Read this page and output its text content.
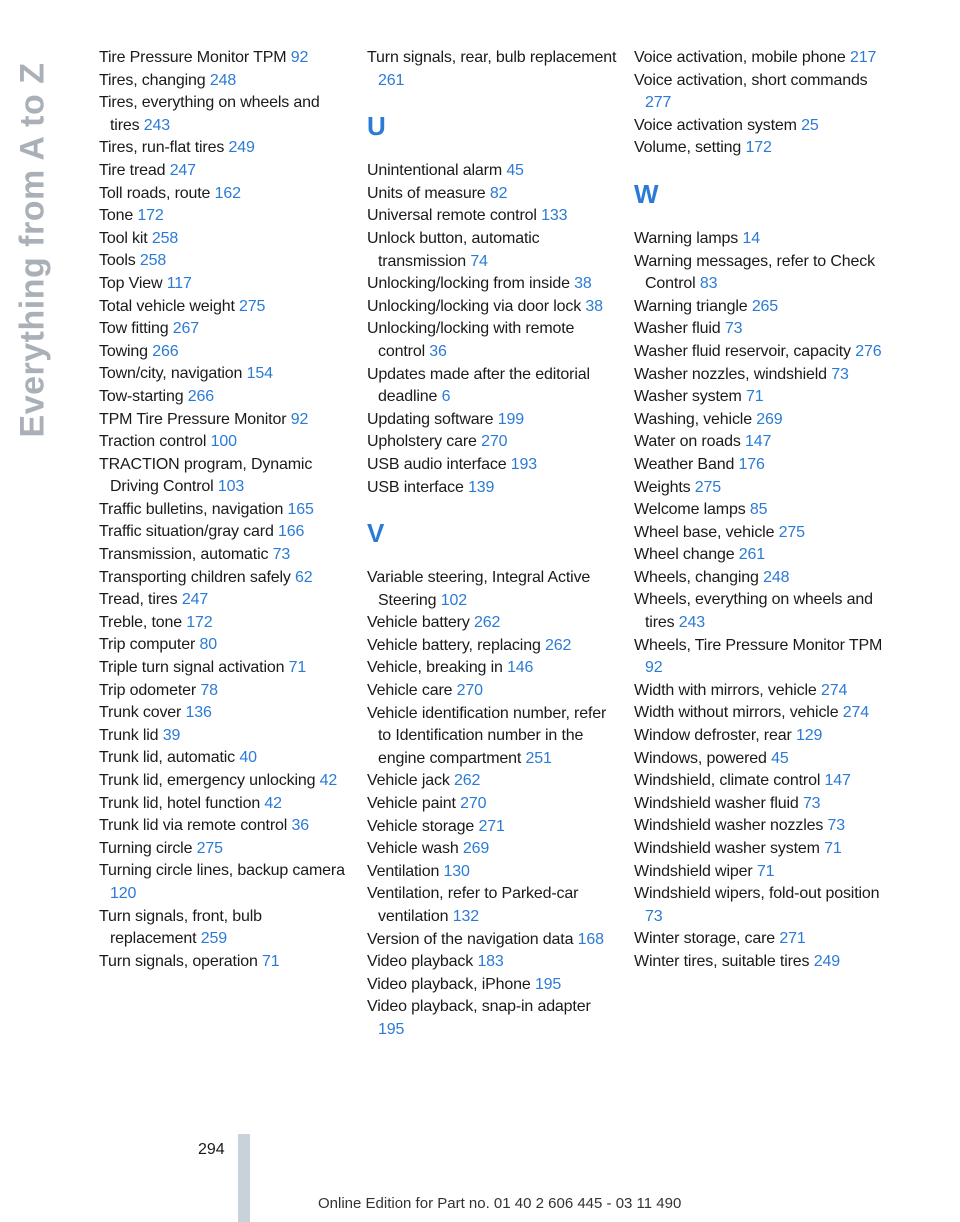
Everything from A to Z
Tire Pressure Monitor TPM 92
Tires, changing 248
Tires, everything on wheels and tires 243
Tires, run-flat tires 249
Tire tread 247
Toll roads, route 162
Tone 172
Tool kit 258
Tools 258
Top View 117
Total vehicle weight 275
Tow fitting 267
Towing 266
Town/city, navigation 154
Tow-starting 266
TPM Tire Pressure Monitor 92
Traction control 100
TRACTION program, Dynamic Driving Control 103
Traffic bulletins, navigation 165
Traffic situation/gray card 166
Transmission, automatic 73
Transporting children safely 62
Tread, tires 247
Treble, tone 172
Trip computer 80
Triple turn signal activation 71
Trip odometer 78
Trunk cover 136
Trunk lid 39
Trunk lid, automatic 40
Trunk lid, emergency unlocking 42
Trunk lid, hotel function 42
Trunk lid via remote control 36
Turning circle 275
Turning circle lines, backup camera 120
Turn signals, front, bulb replacement 259
Turn signals, operation 71
Turn signals, rear, bulb replacement 261
U
Unintentional alarm 45
Units of measure 82
Universal remote control 133
Unlock button, automatic transmission 74
Unlocking/locking from inside 38
Unlocking/locking via door lock 38
Unlocking/locking with remote control 36
Updates made after the editorial deadline 6
Updating software 199
Upholstery care 270
USB audio interface 193
USB interface 139
V
Variable steering, Integral Active Steering 102
Vehicle battery 262
Vehicle battery, replacing 262
Vehicle, breaking in 146
Vehicle care 270
Vehicle identification number, refer to Identification number in the engine compartment 251
Vehicle jack 262
Vehicle paint 270
Vehicle storage 271
Vehicle wash 269
Ventilation 130
Ventilation, refer to Parked-car ventilation 132
Version of the navigation data 168
Video playback 183
Video playback, iPhone 195
Video playback, snap-in adapter 195
Voice activation, mobile phone 217
Voice activation, short commands 277
Voice activation system 25
Volume, setting 172
W
Warning lamps 14
Warning messages, refer to Check Control 83
Warning triangle 265
Washer fluid 73
Washer fluid reservoir, capacity 276
Washer nozzles, windshield 73
Washer system 71
Washing, vehicle 269
Water on roads 147
Weather Band 176
Weights 275
Welcome lamps 85
Wheel base, vehicle 275
Wheel change 261
Wheels, changing 248
Wheels, everything on wheels and tires 243
Wheels, Tire Pressure Monitor TPM 92
Width with mirrors, vehicle 274
Width without mirrors, vehicle 274
Window defroster, rear 129
Windows, powered 45
Windshield, climate control 147
Windshield washer fluid 73
Windshield washer nozzles 73
Windshield washer system 71
Windshield wiper 71
Windshield wipers, fold-out position 73
Winter storage, care 271
Winter tires, suitable tires 249
294
Online Edition for Part no. 01 40 2 606 445 - 03 11 490
